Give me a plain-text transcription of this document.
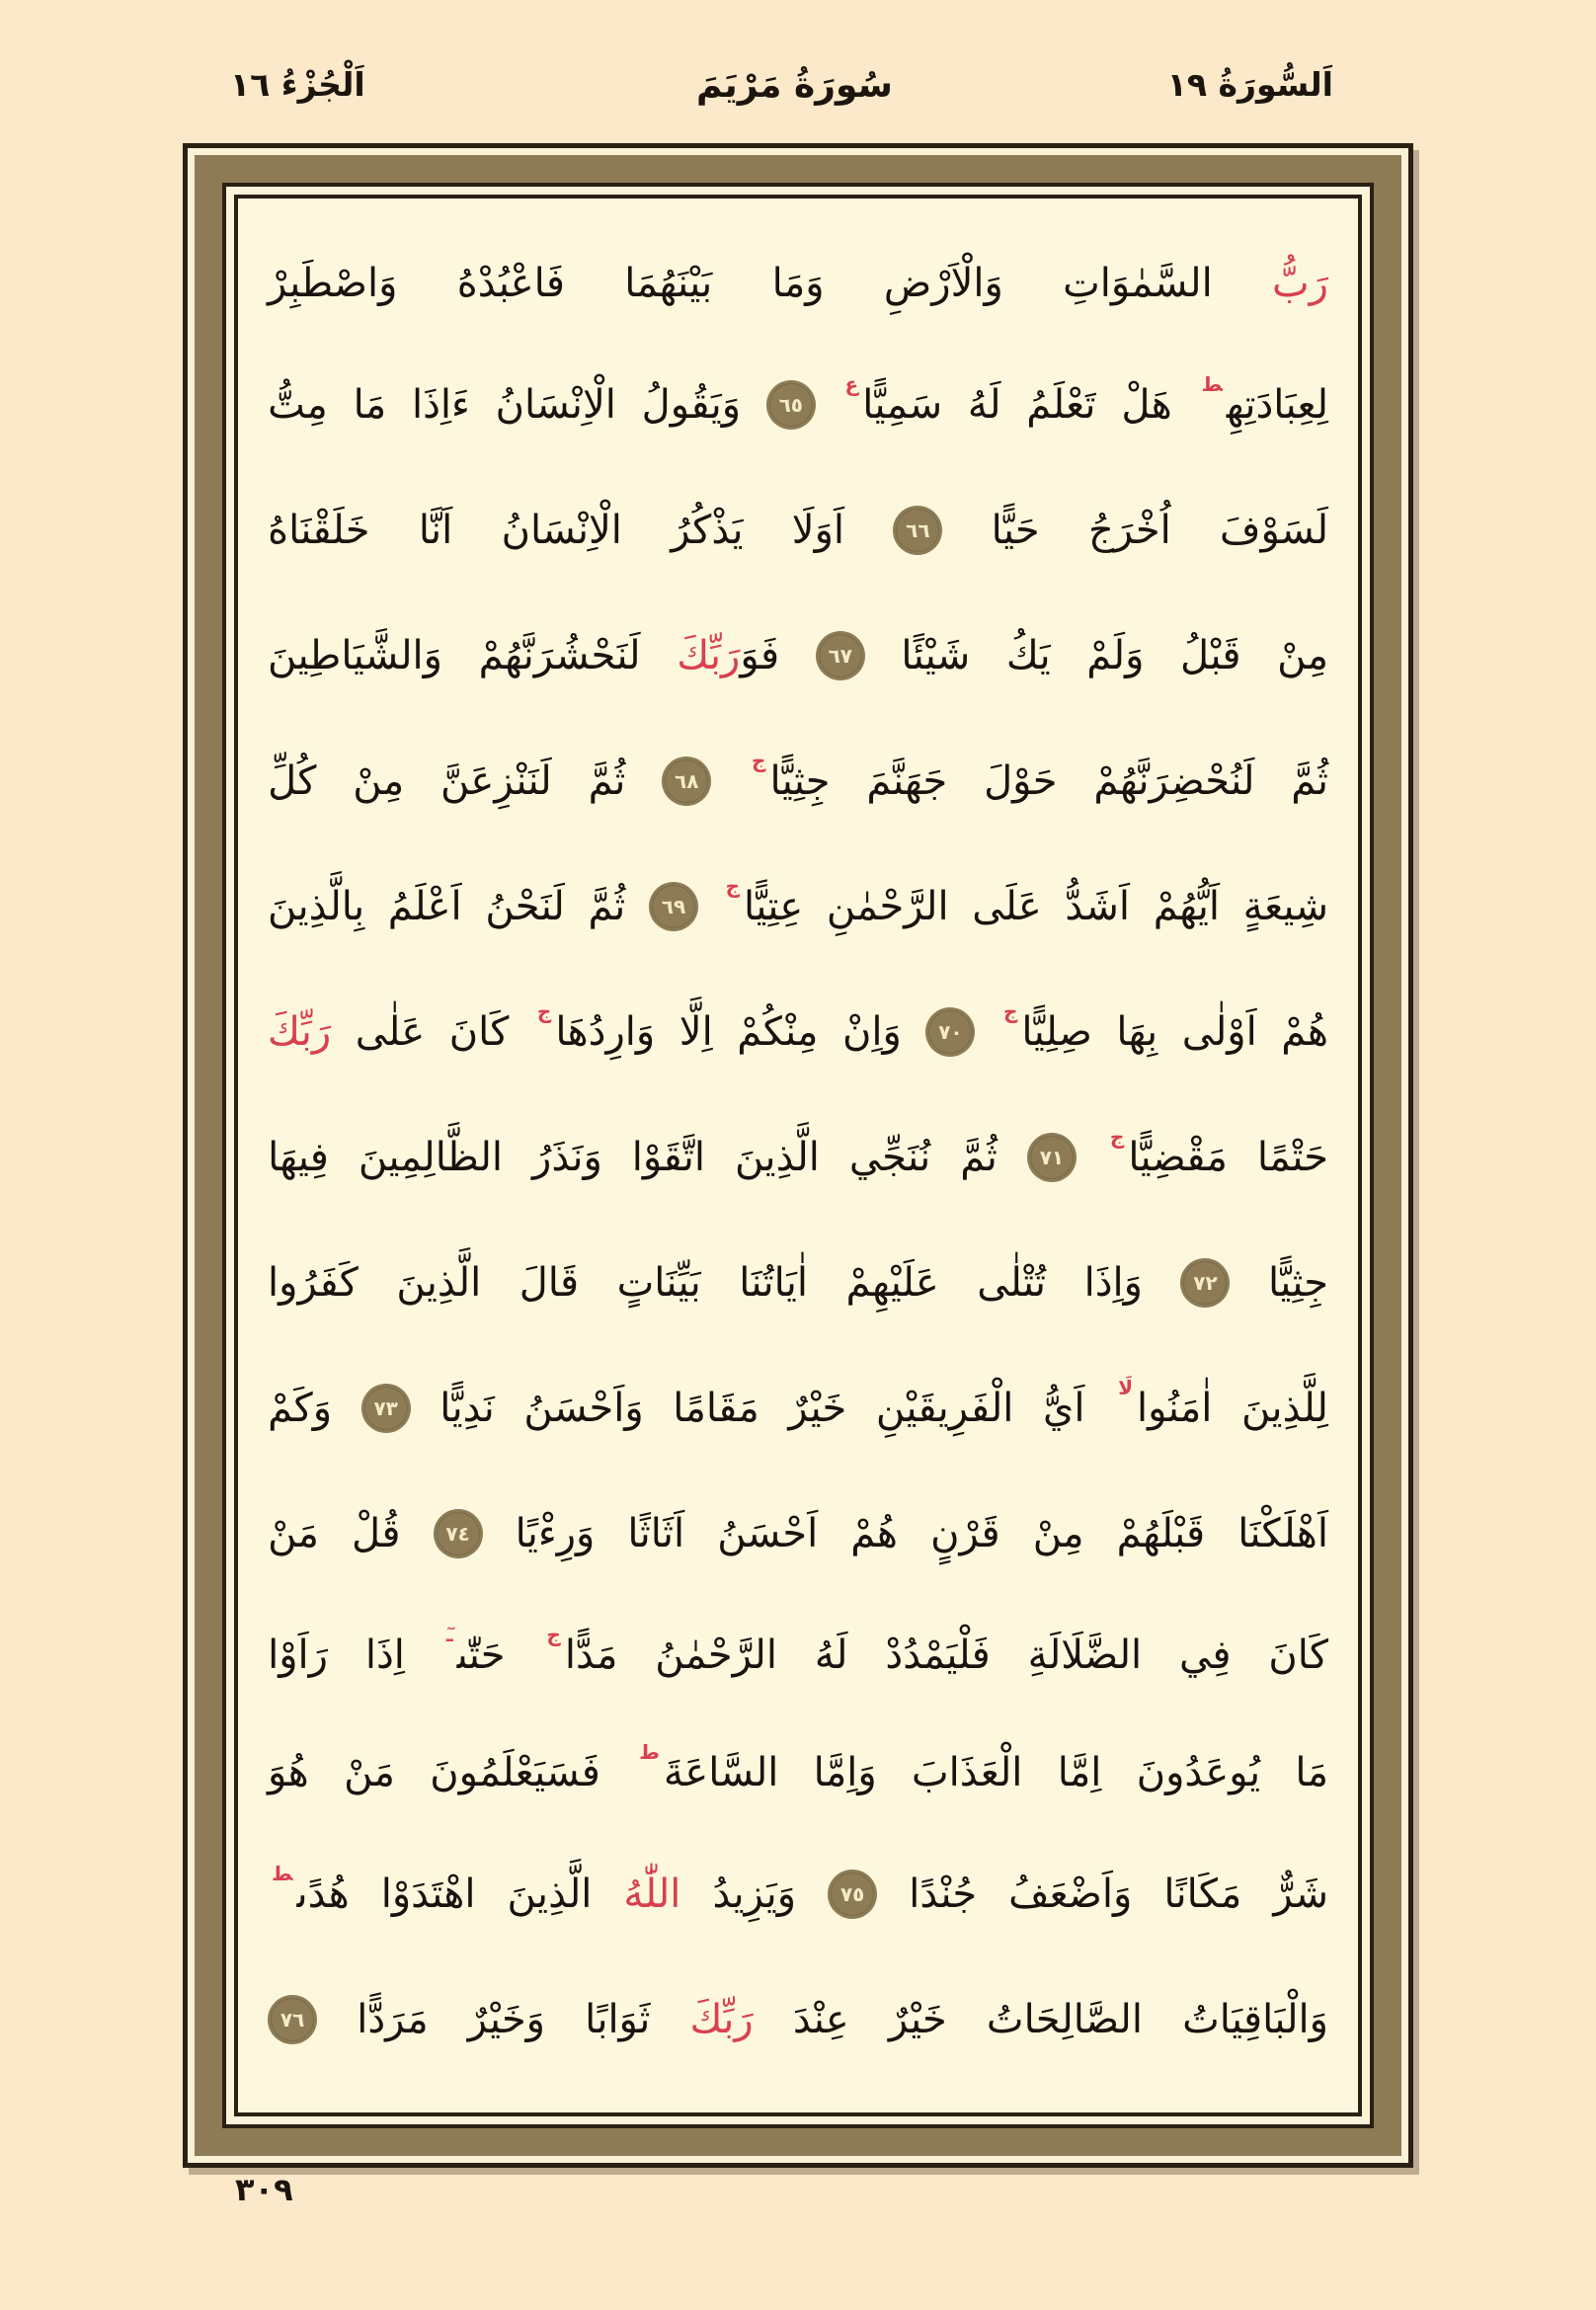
اَلْجُزْءُ ١٦	سُورَةُ مَرْيَمَ	اَلسُّورَةُ ١٩
رَبُّ
السَّمٰوَاتِ
وَالْاَرْضِ
وَمَا
بَيْنَهُمَا
فَاعْبُدْهُ
وَاصْطَبِرْ
لِعِبَادَتِهِ$^ط$
هَلْ
تَعْلَمُ
لَهُ
سَمِيًّا$^ع$
٦٥
وَيَقُولُ
الْاِنْسَانُ
ءَاِذَا
مَا
مِتُّ
لَسَوْفَ
اُخْرَجُ
حَيًّا
٦٦
اَوَلَا
يَذْكُرُ
الْاِنْسَانُ
اَنَّا
خَلَقْنَاهُ
مِنْ
قَبْلُ
وَلَمْ
يَكُ
شَيْئًا
٦٧
فَوَرَبِّكَ
لَنَحْشُرَنَّهُمْ
وَالشَّيَاطِينَ
ثُمَّ
لَنُحْضِرَنَّهُمْ
حَوْلَ
جَهَنَّمَ
جِثِيًّا$^ج$
٦٨
ثُمَّ
لَنَنْزِعَنَّ
مِنْ
كُلِّ
شِيعَةٍ
اَيُّهُمْ
اَشَدُّ
عَلَى
الرَّحْمٰنِ
عِتِيًّا$^ج$
٦٩
ثُمَّ
لَنَحْنُ
اَعْلَمُ
بِالَّذِينَ
هُمْ
اَوْلٰى
بِهَا
صِلِيًّا$^ج$
٧٠
وَاِنْ
مِنْكُمْ
اِلَّا
وَارِدُهَا$^ج$
كَانَ
عَلٰى
رَبِّكَ
حَتْمًا
مَقْضِيًّا$^ج$
٧١
ثُمَّ
نُنَجِّي
الَّذِينَ
اتَّقَوْا
وَنَذَرُ
الظَّالِمِينَ
فِيهَا
جِثِيًّا
٧٢
وَاِذَا
تُتْلٰى
عَلَيْهِمْ
اٰيَاتُنَا
بَيِّنَاتٍ
قَالَ
الَّذِينَ
كَفَرُوا
لِلَّذِينَ
اٰمَنُوا$^{لَا}$
اَيُّ
الْفَرِيقَيْنِ
خَيْرٌ
مَقَامًا
وَاَحْسَنُ
نَدِيًّا
٧٣
وَكَمْ
اَهْلَكْنَا
قَبْلَهُمْ
مِنْ
قَرْنٍ
هُمْ
اَحْسَنُ
اَثَاثًا
وَرِءْيًا
٧٤
قُلْ
مَنْ
كَانَ
فِي
الضَّلَالَةِ
فَلْيَمْدُدْ
لَهُ
الرَّحْمٰنُ
مَدًّا$^ج$
حَتّٰى$^{ـٓ}$
اِذَا
رَاَوْا
مَا
يُوعَدُونَ
اِمَّا
الْعَذَابَ
وَاِمَّا
السَّاعَةَ$^ط$
فَسَيَعْلَمُونَ
مَنْ
هُوَ
شَرٌّ
مَكَانًا
وَاَضْعَفُ
جُنْدًا
٧٥
وَيَزِيدُ
اللّٰهُ
الَّذِينَ
اهْتَدَوْا
هُدًى$^ط$
وَالْبَاقِيَاتُ
الصَّالِحَاتُ
خَيْرٌ
عِنْدَ
رَبِّكَ
ثَوَابًا
وَخَيْرٌ
مَرَدًّا
٧٦
٣٠٩
